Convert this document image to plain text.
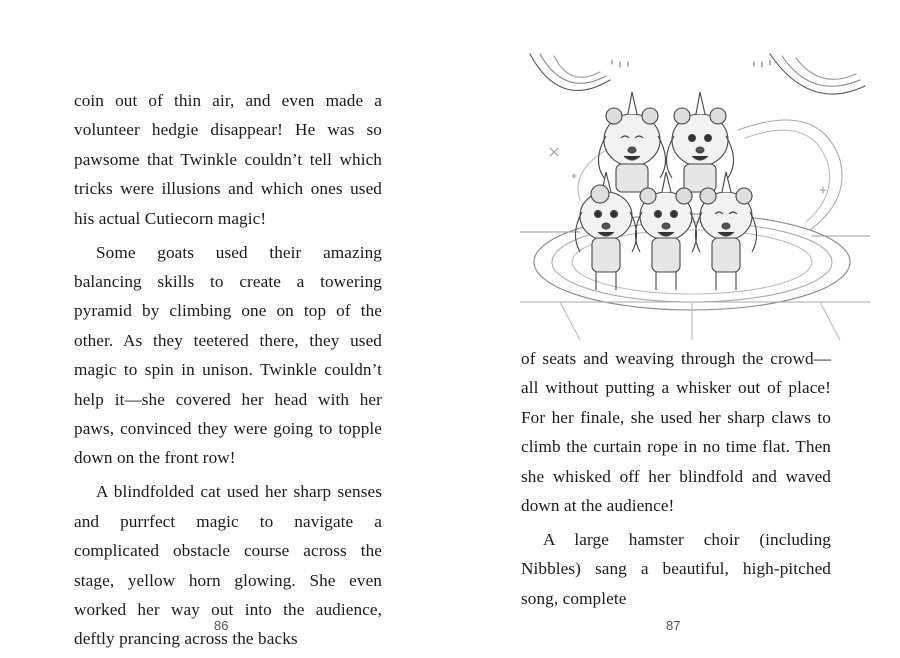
coin out of thin air, and even made a volunteer hedgie disappear! He was so pawsome that Twinkle couldn’t tell which tricks were illusions and which ones used his actual Cutiecorn magic!

Some goats used their amazing balancing skills to create a towering pyramid by climbing one on top of the other. As they teetered there, they used magic to spin in unison. Twinkle couldn’t help it—she covered her head with her paws, convinced they were going to topple down on the front row!

A blindfolded cat used her sharp senses and purrfect magic to navigate a complicated obstacle course across the stage, yellow horn glowing. She even worked her way out into the audience, deftly prancing across the backs

86

of seats and weaving through the crowd—all without putting a whisker out of place! For her finale, she used her sharp claws to climb the curtain rope in no time flat. Then she whisked off her blindfold and waved down at the audience!

A large hamster choir (including Nibbles) sang a beautiful, high-pitched song, complete

87
